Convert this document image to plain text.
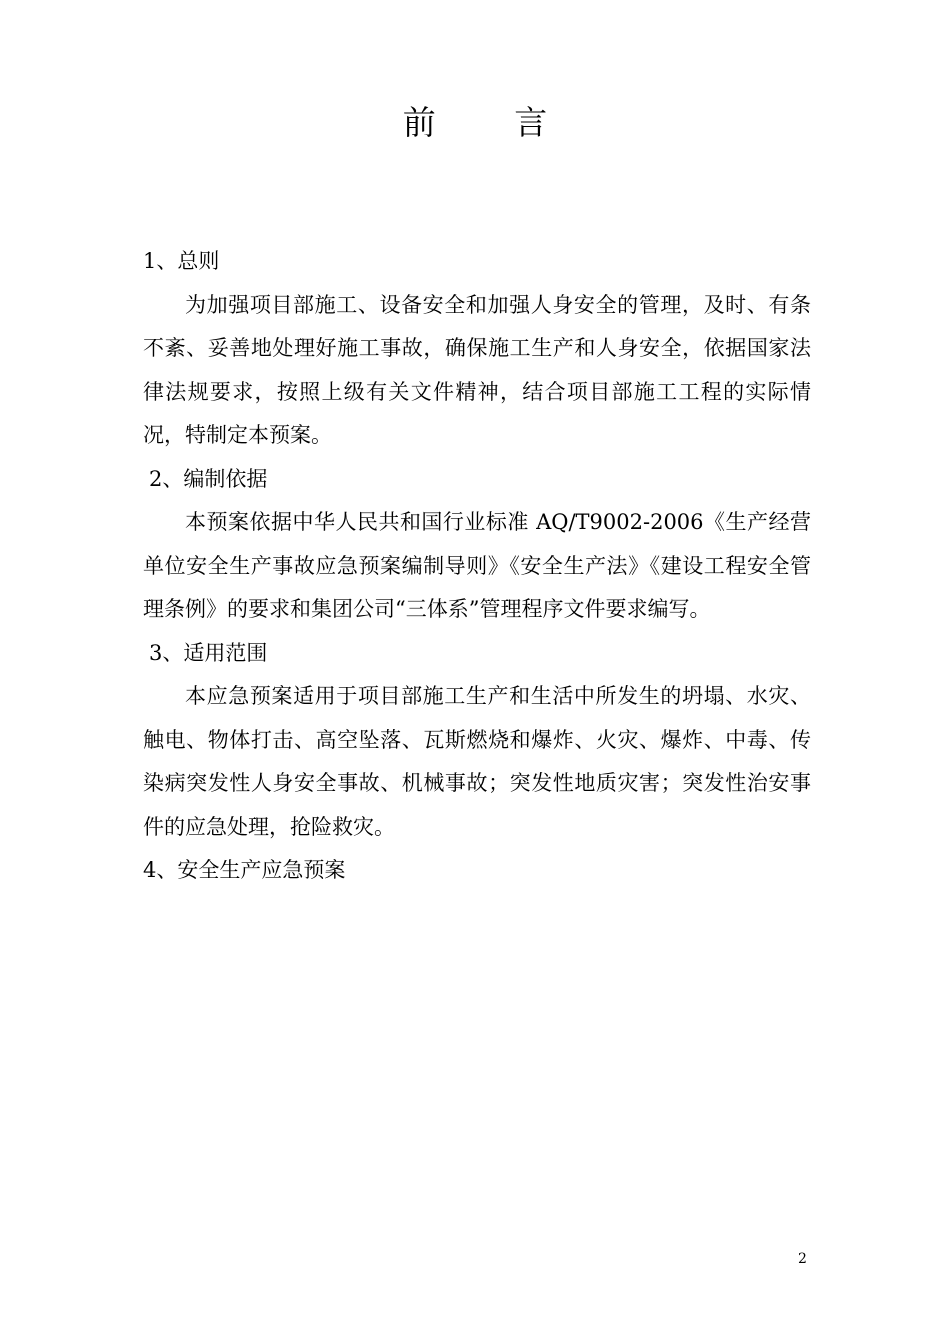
前 言

1、总则

为加强项目部施工、设备安全和加强人身安全的管理，及时、有条不紊、妥善地处理好施工事故，确保施工生产和人身安全，依据国家法律法规要求，按照上级有关文件精神，结合项目部施工工程的实际情况，特制定本预案。

2、编制依据

本预案依据中华人民共和国行业标准 AQ/T9002-2006《生产经营单位安全生产事故应急预案编制导则》《安全生产法》《建设工程安全管理条例》的要求和集团公司“三体系”管理程序文件要求编写。

3、适用范围

本应急预案适用于项目部施工生产和生活中所发生的坍塌、水灾、触电、物体打击、高空坠落、瓦斯燃烧和爆炸、火灾、爆炸、中毒、传染病突发性人身安全事故、机械事故；突发性地质灾害；突发性治安事件的应急处理，抢险救灾。

4、安全生产应急预案

2
